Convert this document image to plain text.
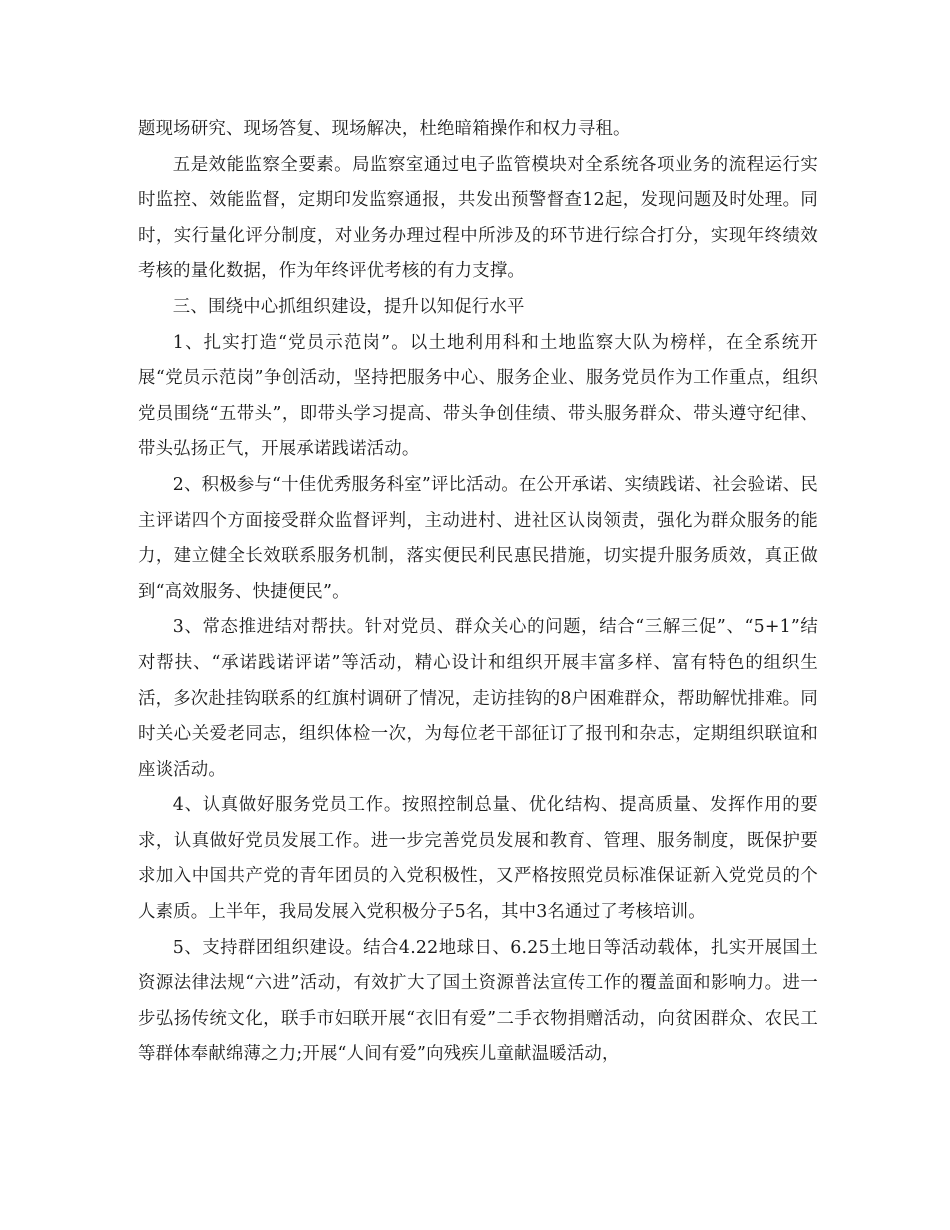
题现场研究、现场答复、现场解决，杜绝暗箱操作和权力寻租。

五是效能监察全要素。局监察室通过电子监管模块对全系统各项业务的流程运行实时监控、效能监督，定期印发监察通报，共发出预警督查12起，发现问题及时处理。同时，实行量化评分制度，对业务办理过程中所涉及的环节进行综合打分，实现年终绩效考核的量化数据，作为年终评优考核的有力支撑。

三、围绕中心抓组织建设，提升以知促行水平

1、扎实打造“党员示范岗”。以土地利用科和土地监察大队为榜样，在全系统开展“党员示范岗”争创活动，坚持把服务中心、服务企业、服务党员作为工作重点，组织党员围绕“五带头”，即带头学习提高、带头争创佳绩、带头服务群众、带头遵守纪律、带头弘扬正气，开展承诺践诺活动。

2、积极参与“十佳优秀服务科室”评比活动。在公开承诺、实绩践诺、社会验诺、民主评诺四个方面接受群众监督评判，主动进村、进社区认岗领责，强化为群众服务的能力，建立健全长效联系服务机制，落实便民利民惠民措施，切实提升服务质效，真正做到“高效服务、快捷便民”。

3、常态推进结对帮扶。针对党员、群众关心的问题，结合“三解三促”、“5+1”结对帮扶、“承诺践诺评诺”等活动，精心设计和组织开展丰富多样、富有特色的组织生活，多次赴挂钩联系的红旗村调研了情况，走访挂钩的8户困难群众，帮助解忧排难。同时关心关爱老同志，组织体检一次，为每位老干部征订了报刊和杂志，定期组织联谊和座谈活动。

4、认真做好服务党员工作。按照控制总量、优化结构、提高质量、发挥作用的要求，认真做好党员发展工作。进一步完善党员发展和教育、管理、服务制度，既保护要求加入中国共产党的青年团员的入党积极性，又严格按照党员标准保证新入党党员的个人素质。上半年，我局发展入党积极分子5名，其中3名通过了考核培训。

5、支持群团组织建设。结合4.22地球日、6.25土地日等活动载体，扎实开展国土资源法律法规“六进”活动，有效扩大了国土资源普法宣传工作的覆盖面和影响力。进一步弘扬传统文化，联手市妇联开展“衣旧有爱”二手衣物捐赠活动，向贫困群众、农民工等群体奉献绵薄之力;开展“人间有爱”向残疾儿童献温暖活动，
